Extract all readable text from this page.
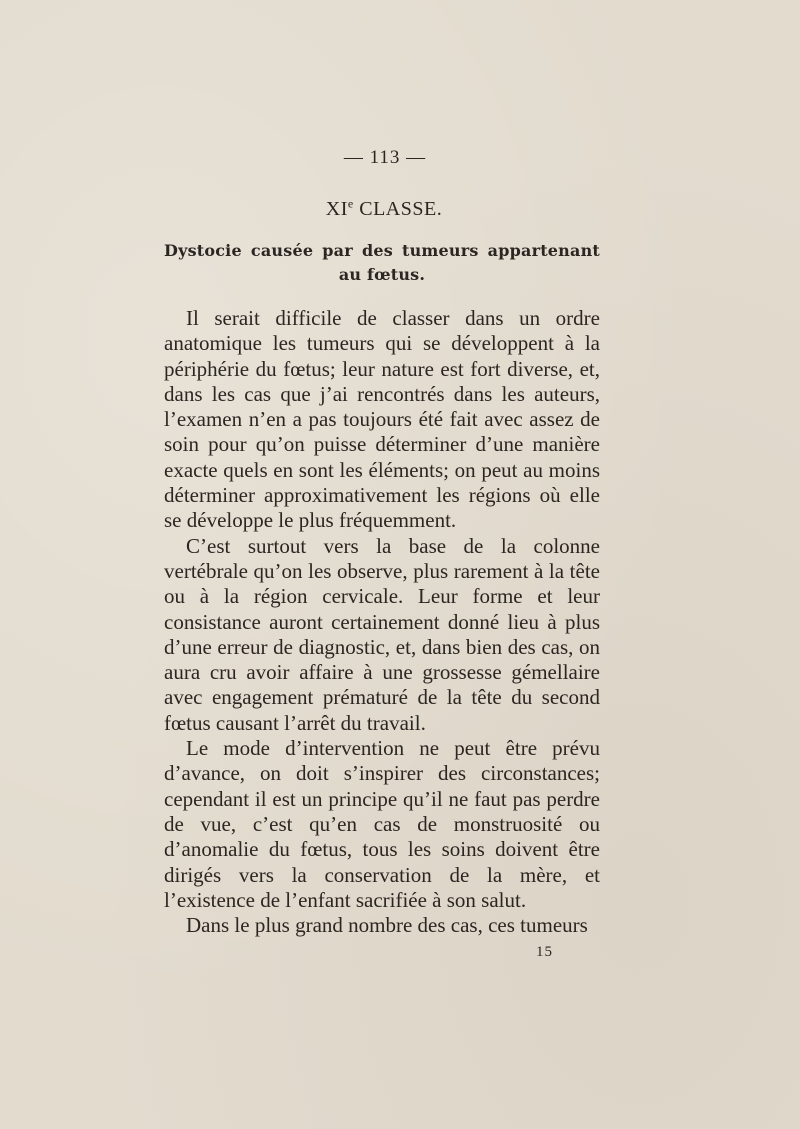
— 113 —
XIe CLASSE.
Dystocie causée par des tumeurs appartenant au fœtus.

Il serait difficile de classer dans un ordre anatomique les tumeurs qui se développent à la périphérie du fœtus; leur nature est fort diverse, et, dans les cas que j’ai rencontrés dans les auteurs, l’examen n’en a pas toujours été fait avec assez de soin pour qu’on puisse déterminer d’une manière exacte quels en sont les éléments; on peut au moins déterminer approximativement les régions où elle se développe le plus fréquemment.

C’est surtout vers la base de la colonne vertébrale qu’on les observe, plus rarement à la tête ou à la région cervicale. Leur forme et leur consistance auront certainement donné lieu à plus d’une erreur de diagnostic, et, dans bien des cas, on aura cru avoir affaire à une grossesse gémellaire avec engagement prématuré de la tête du second fœtus causant l’arrêt du travail.

Le mode d’intervention ne peut être prévu d’avance, on doit s’inspirer des circonstances; cependant il est un principe qu’il ne faut pas perdre de vue, c’est qu’en cas de monstruosité ou d’anomalie du fœtus, tous les soins doivent être dirigés vers la conservation de la mère, et l’existence de l’enfant sacrifiée à son salut.

Dans le plus grand nombre des cas, ces tumeurs

15
